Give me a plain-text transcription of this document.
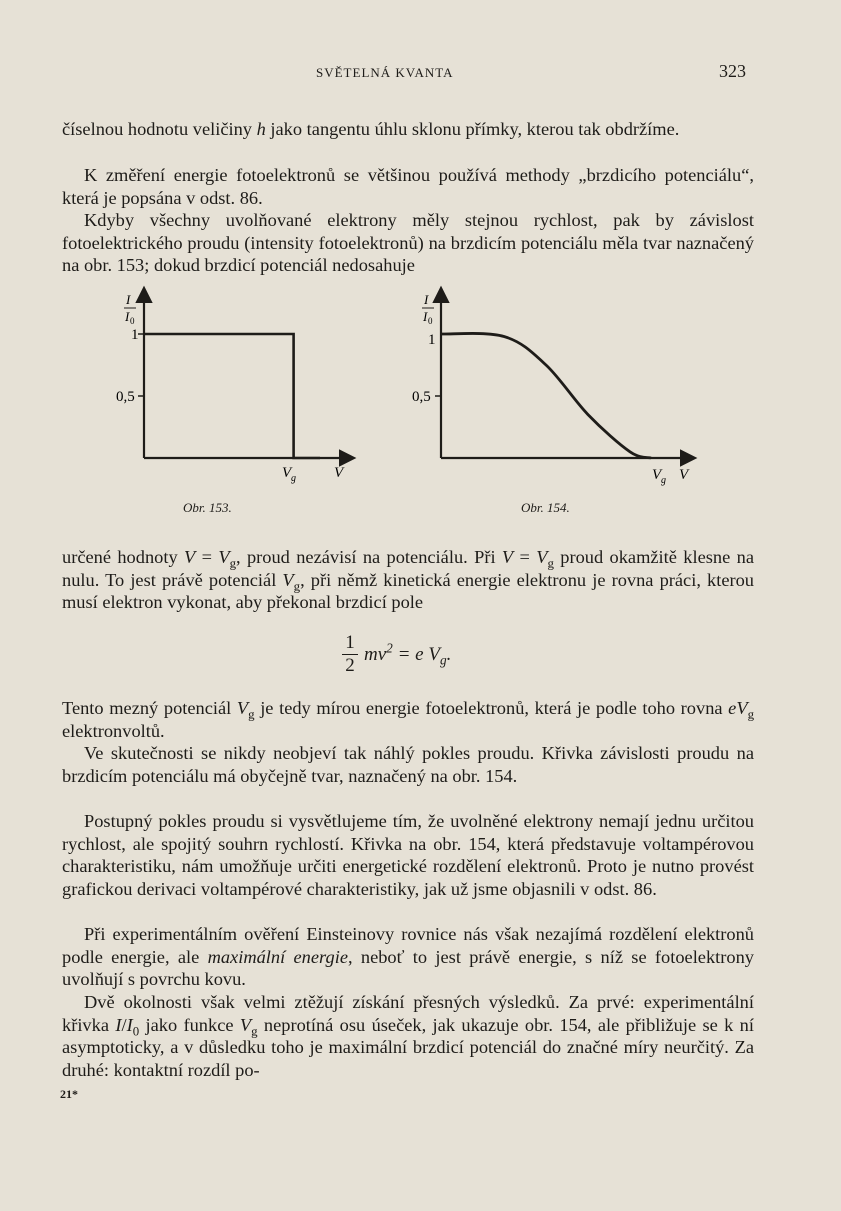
SVĚTELNÁ KVANTA	323

číselnou hodnotu veličiny h jako tangentu úhlu sklonu přímky, kterou tak obdržíme.

K změření energie fotoelektronů se většinou používá methody „brzdicího potenciálu“, která je popsána v odst. 86.

Kdyby všechny uvolňované elektrony měly stejnou rychlost, pak by závislost fotoelektrického proudu (intensity fotoelektronů) na brzdicím potenciálu měla tvar naznačený na obr. 153; dokud brzdicí potenciál nedosahuje

I
I 0
1
0,5
V g	V
Obr. 153.
I
I 0
1
0,5
V g V
Obr. 154.

určené hodnoty $V = V_g$, proud nezávisí na potenciálu. Při $V = V_g$ proud okamžitě klesne na nulu. To jest právě potenciál $V_g$, při němž kinetická energie elektronu je rovna práci, kterou musí elektron vykonat, aby překonal brzdicí pole

1
2
$mv^2 = e$ $V_g$.

Tento mezný potenciál $V_g$ je tedy mírou energie fotoelektronů, která je podle toho rovna $eV_g$ elektronvoltů.

Ve skutečnosti se nikdy neobjeví tak náhlý pokles proudu. Křivka závislosti proudu na brzdicím potenciálu má obyčejně tvar, naznačený na obr. 154.

Postupný pokles proudu si vysvětlujeme tím, že uvolněné elektrony nemají jednu určitou rychlost, ale spojitý souhrn rychlostí. Křivka na obr. 154, která představuje voltampérovou charakteristiku, nám umožňuje určiti energetické rozdělení elektronů. Proto je nutno provést grafickou derivaci voltampérové charakteristiky, jak už jsme objasnili v odst. 86.

Při experimentálním ověření Einsteinovy rovnice nás však nezajímá rozdělení elektronů podle energie, ale maximální energie, neboť to jest právě energie, s níž se fotoelektrony uvolňují s povrchu kovu.

Dvě okolnosti však velmi ztěžují získání přesných výsledků. Za prvé: experimentální křivka $I/I_0$ jako funkce $V_g$ neprotíná osu úseček, jak ukazuje obr. 154, ale přibližuje se k ní asymptoticky, a v důsledku toho je maximální brzdicí potenciál do značné míry neurčitý. Za druhé: kontaktní rozdíl po-

21*
